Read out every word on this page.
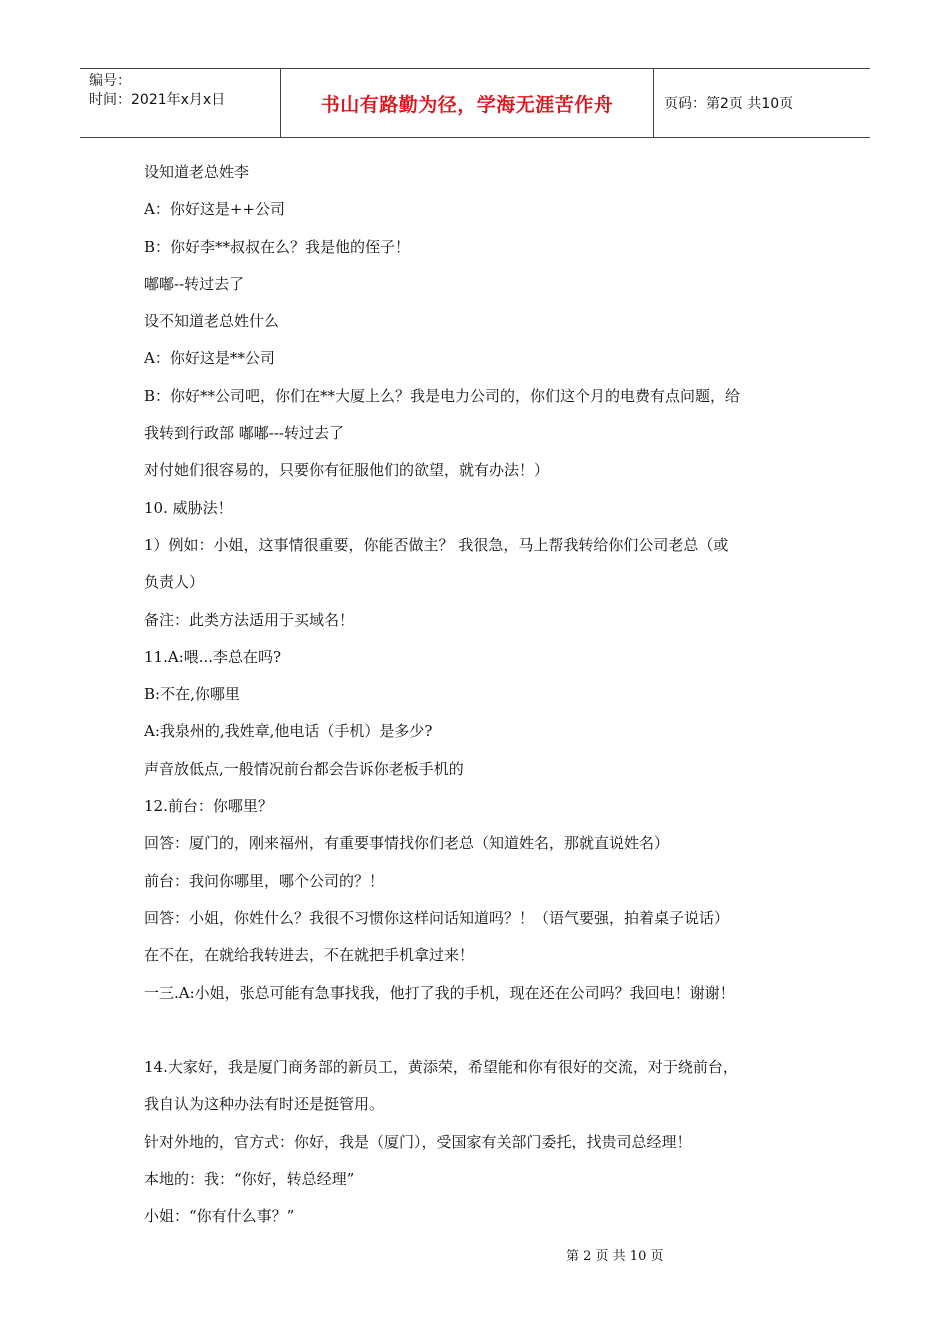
编号：
时间：2021年x月x日	书山有路勤为径，学海无涯苦作舟	页码：第2页 共10页
设知道老总姓李
A：你好这是++公司
B：你好李**叔叔在么？我是他的侄子！
嘟嘟--转过去了
设不知道老总姓什么
A：你好这是**公司
B：你好**公司吧，你们在**大厦上么？我是电力公司的，你们这个月的电费有点问题，给
我转到行政部 嘟嘟---转过去了
对付她们很容易的，只要你有征服他们的欲望，就有办法！）
10. 威胁法！
1）例如：小姐，这事情很重要，你能否做主？ 我很急，马上帮我转给你们公司老总（或
负责人）
备注：此类方法适用于买域名！
11.A:喂...李总在吗?
B:不在,你哪里
A:我泉州的,我姓章,他电话（手机）是多少?
声音放低点,一般情况前台都会告诉你老板手机的
12.前台：你哪里？
回答：厦门的，刚来福州，有重要事情找你们老总（知道姓名，那就直说姓名）
前台：我问你哪里，哪个公司的？！
回答：小姐，你姓什么？我很不习惯你这样问话知道吗？！（语气要强，拍着桌子说话）
在不在，在就给我转进去，不在就把手机拿过来！
一三.A:小姐，张总可能有急事找我，他打了我的手机，现在还在公司吗？我回电！谢谢！
14.大家好，我是厦门商务部的新员工，黄添荣，希望能和你有很好的交流，对于绕前台，
我自认为这种办法有时还是挺管用。
针对外地的，官方式：你好，我是（厦门），受国家有关部门委托，找贵司总经理！
本地的：我：“你好，转总经理”
小姐：“你有什么事？”
第 2 页 共 10 页
